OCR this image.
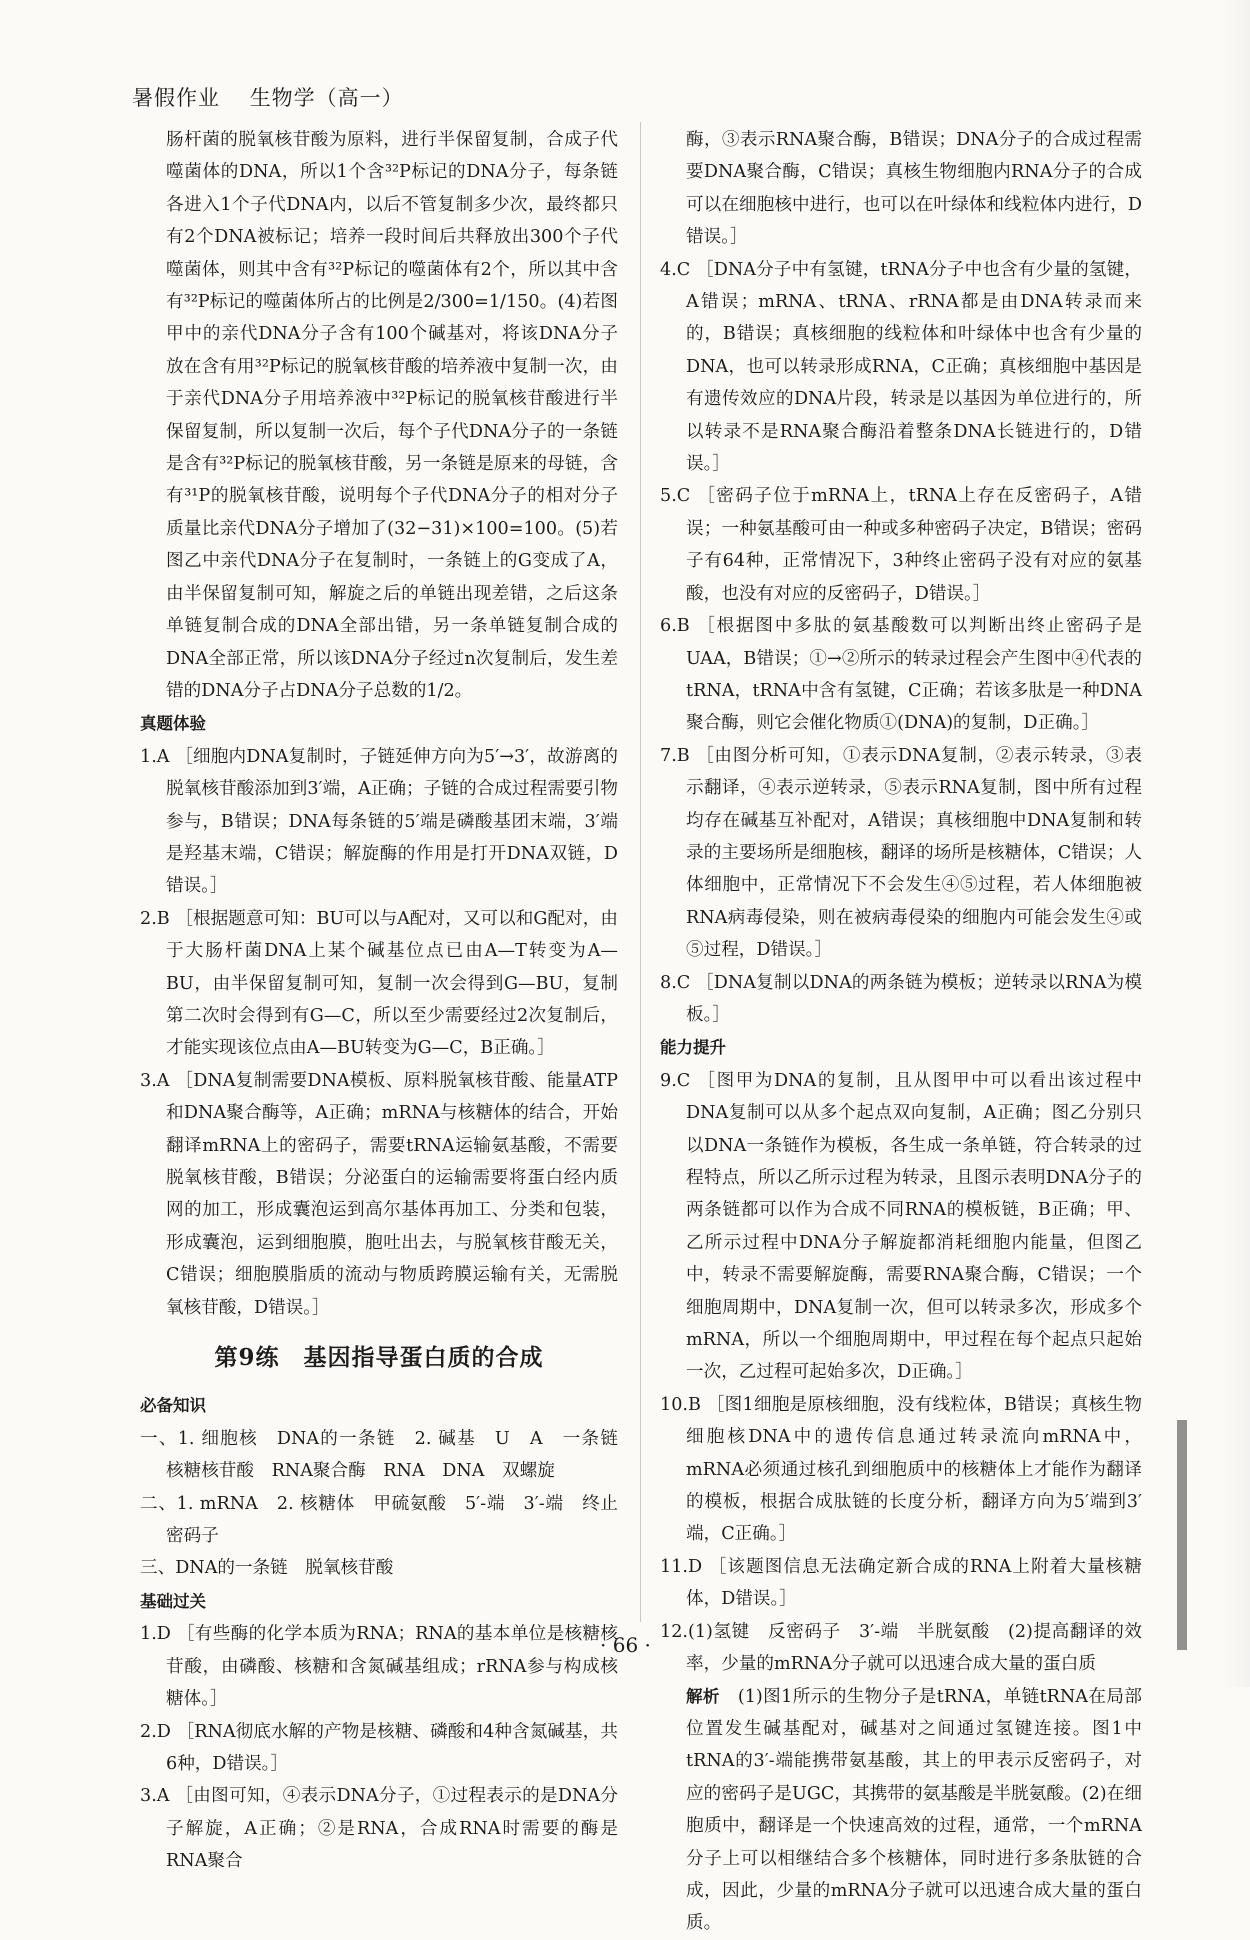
暑假作业 生物学（高一）

肠杆菌的脱氧核苷酸为原料，进行半保留复制，合成子代噬菌体的DNA，所以1个含³²P标记的DNA分子，每条链各进入1个子代DNA内，以后不管复制多少次，最终都只有2个DNA被标记；培养一段时间后共释放出300个子代噬菌体，则其中含有³²P标记的噬菌体有2个，所以其中含有³²P标记的噬菌体所占的比例是2/300=1/150。(4)若图甲中的亲代DNA分子含有100个碱基对，将该DNA分子放在含有用³²P标记的脱氧核苷酸的培养液中复制一次，由于亲代DNA分子用培养液中³²P标记的脱氧核苷酸进行半保留复制，所以复制一次后，每个子代DNA分子的一条链是含有³²P标记的脱氧核苷酸，另一条链是原来的母链，含有³¹P的脱氧核苷酸，说明每个子代DNA分子的相对分子质量比亲代DNA分子增加了(32−31)×100=100。(5)若图乙中亲代DNA分子在复制时，一条链上的G变成了A，由半保留复制可知，解旋之后的单链出现差错，之后这条单链复制合成的DNA全部出错，另一条单链复制合成的DNA全部正常，所以该DNA分子经过n次复制后，发生差错的DNA分子占DNA分子总数的1/2。

真题体验

1.A ［细胞内DNA复制时，子链延伸方向为5′→3′，故游离的脱氧核苷酸添加到3′端，A正确；子链的合成过程需要引物参与，B错误；DNA每条链的5′端是磷酸基团末端，3′端是羟基末端，C错误；解旋酶的作用是打开DNA双链，D错误。］

2.B ［根据题意可知：BU可以与A配对，又可以和G配对，由于大肠杆菌DNA上某个碱基位点已由A—T转变为A—BU，由半保留复制可知，复制一次会得到G—BU，复制第二次时会得到有G—C，所以至少需要经过2次复制后，才能实现该位点由A—BU转变为G—C，B正确。］

3.A ［DNA复制需要DNA模板、原料脱氧核苷酸、能量ATP和DNA聚合酶等，A正确；mRNA与核糖体的结合，开始翻译mRNA上的密码子，需要tRNA运输氨基酸，不需要脱氧核苷酸，B错误；分泌蛋白的运输需要将蛋白经内质网的加工，形成囊泡运到高尔基体再加工、分类和包装，形成囊泡，运到细胞膜，胞吐出去，与脱氧核苷酸无关，C错误；细胞膜脂质的流动与物质跨膜运输有关，无需脱氧核苷酸，D错误。］

第9练　基因指导蛋白质的合成
必备知识

一、1. 细胞核　DNA的一条链　2. 碱基　U　A　一条链　核糖核苷酸　RNA聚合酶　RNA　DNA　双螺旋

二、1. mRNA　2. 核糖体　甲硫氨酸　5′-端　3′-端　终止密码子

三、DNA的一条链　脱氧核苷酸

基础过关

1.D ［有些酶的化学本质为RNA；RNA的基本单位是核糖核苷酸，由磷酸、核糖和含氮碱基组成；rRNA参与构成核糖体。］

2.D ［RNA彻底水解的产物是核糖、磷酸和4种含氮碱基，共6种，D错误。］

3.A ［由图可知，④表示DNA分子，①过程表示的是DNA分子解旋，A正确；②是RNA，合成RNA时需要的酶是RNA聚合

酶，③表示RNA聚合酶，B错误；DNA分子的合成过程需要DNA聚合酶，C错误；真核生物细胞内RNA分子的合成可以在细胞核中进行，也可以在叶绿体和线粒体内进行，D错误。］

4.C ［DNA分子中有氢键，tRNA分子中也含有少量的氢键，A错误；mRNA、tRNA、rRNA都是由DNA转录而来的，B错误；真核细胞的线粒体和叶绿体中也含有少量的DNA，也可以转录形成RNA，C正确；真核细胞中基因是有遗传效应的DNA片段，转录是以基因为单位进行的，所以转录不是RNA聚合酶沿着整条DNA长链进行的，D错误。］

5.C ［密码子位于mRNA上，tRNA上存在反密码子，A错误；一种氨基酸可由一种或多种密码子决定，B错误；密码子有64种，正常情况下，3种终止密码子没有对应的氨基酸，也没有对应的反密码子，D错误。］

6.B ［根据图中多肽的氨基酸数可以判断出终止密码子是UAA，B错误；①→②所示的转录过程会产生图中④代表的tRNA，tRNA中含有氢键，C正确；若该多肽是一种DNA聚合酶，则它会催化物质①(DNA)的复制，D正确。］

7.B ［由图分析可知，①表示DNA复制，②表示转录，③表示翻译，④表示逆转录，⑤表示RNA复制，图中所有过程均存在碱基互补配对，A错误；真核细胞中DNA复制和转录的主要场所是细胞核，翻译的场所是核糖体，C错误；人体细胞中，正常情况下不会发生④⑤过程，若人体细胞被RNA病毒侵染，则在被病毒侵染的细胞内可能会发生④或⑤过程，D错误。］

8.C ［DNA复制以DNA的两条链为模板；逆转录以RNA为模板。］

能力提升

9.C ［图甲为DNA的复制，且从图甲中可以看出该过程中DNA复制可以从多个起点双向复制，A正确；图乙分别只以DNA一条链作为模板，各生成一条单链，符合转录的过程特点，所以乙所示过程为转录，且图示表明DNA分子的两条链都可以作为合成不同RNA的模板链，B正确；甲、乙所示过程中DNA分子解旋都消耗细胞内能量，但图乙中，转录不需要解旋酶，需要RNA聚合酶，C错误；一个细胞周期中，DNA复制一次，但可以转录多次，形成多个mRNA，所以一个细胞周期中，甲过程在每个起点只起始一次，乙过程可起始多次，D正确。］

10.B ［图1细胞是原核细胞，没有线粒体，B错误；真核生物细胞核DNA中的遗传信息通过转录流向mRNA中，mRNA必须通过核孔到细胞质中的核糖体上才能作为翻译的模板，根据合成肽链的长度分析，翻译方向为5′端到3′端，C正确。］

11.D ［该题图信息无法确定新合成的RNA上附着大量核糖体，D错误。］

12.(1)氢键　反密码子　3′-端　半胱氨酸　(2)提高翻译的效率，少量的mRNA分子就可以迅速合成大量的蛋白质

解析　 (1)图1所示的生物分子是tRNA，单链tRNA在局部位置发生碱基配对，碱基对之间通过氢键连接。图1中tRNA的3′-端能携带氨基酸，其上的甲表示反密码子，对应的密码子是UGC，其携带的氨基酸是半胱氨酸。(2)在细胞质中，翻译是一个快速高效的过程，通常，一个mRNA分子上可以相继结合多个核糖体，同时进行多条肽链的合成，因此，少量的mRNA分子就可以迅速合成大量的蛋白质。

· 66 ·
